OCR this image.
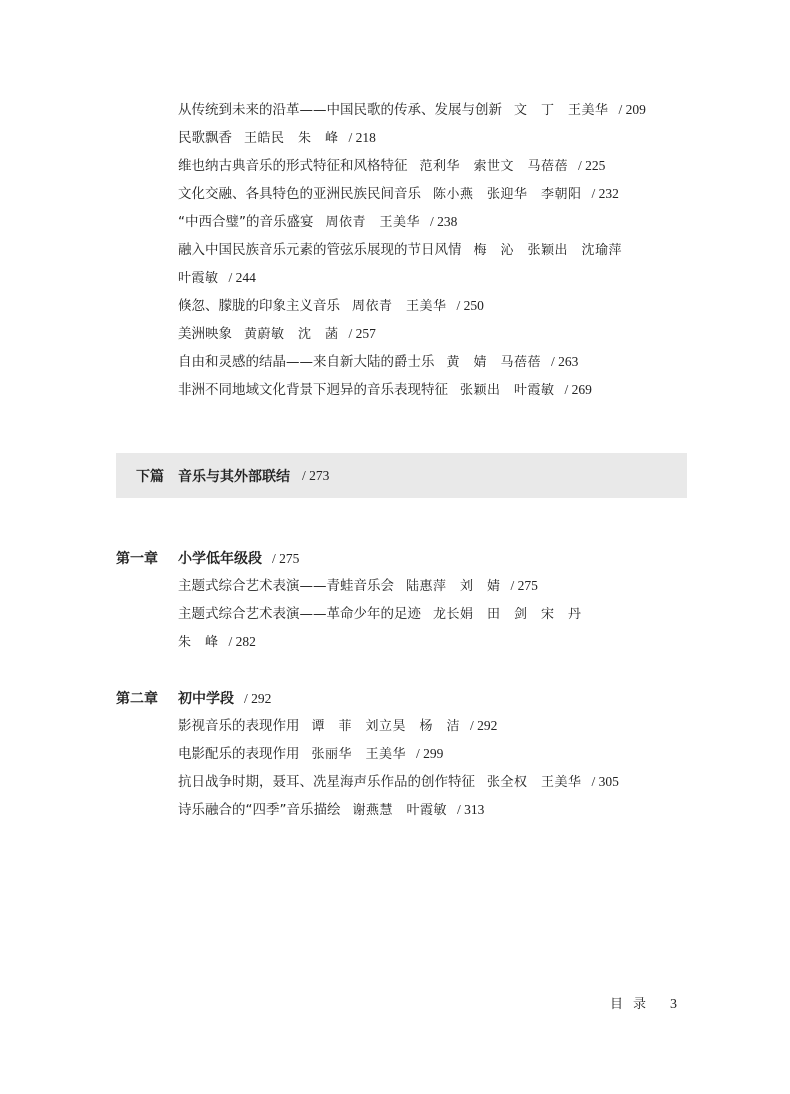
从传统到未来的沿革——中国民歌的传承、发展与创新 文　丁　王美华 / 209
民歌飘香 王皓民　朱　峰 / 218
维也纳古典音乐的形式特征和风格特征 范利华　索世文　马蓓蓓 / 225
文化交融、各具特色的亚洲民族民间音乐 陈小燕　张迎华　李朝阳 / 232
“中西合璧”的音乐盛宴 周依青　王美华 / 238
融入中国民族音乐元素的管弦乐展现的节日风情 梅　沁　张颖出　沈瑜萍
叶霞敏 / 244
倏忽、朦胧的印象主义音乐 周依青　王美华 / 250
美洲映象 黄蔚敏　沈　菡 / 257
自由和灵感的结晶——来自新大陆的爵士乐 黄　婧　马蓓蓓 / 263
非洲不同地域文化背景下迥异的音乐表现特征 张颖出　叶霞敏 / 269
下篇 音乐与其外部联结 / 273
第一章 小学低年级段 / 275
主题式综合艺术表演——青蛙音乐会 陆惠萍　刘　婧 / 275
主题式综合艺术表演——革命少年的足迹 龙长娟　田　剑　宋　丹
朱　峰 / 282
第二章 初中学段 / 292
影视音乐的表现作用 谭　菲　刘立昊　杨　洁 / 292
电影配乐的表现作用 张丽华　王美华 / 299
抗日战争时期，聂耳、冼星海声乐作品的创作特征 张全权　王美华 / 305
诗乐融合的“四季”音乐描绘 谢燕慧　叶霞敏 / 313
目录 3
